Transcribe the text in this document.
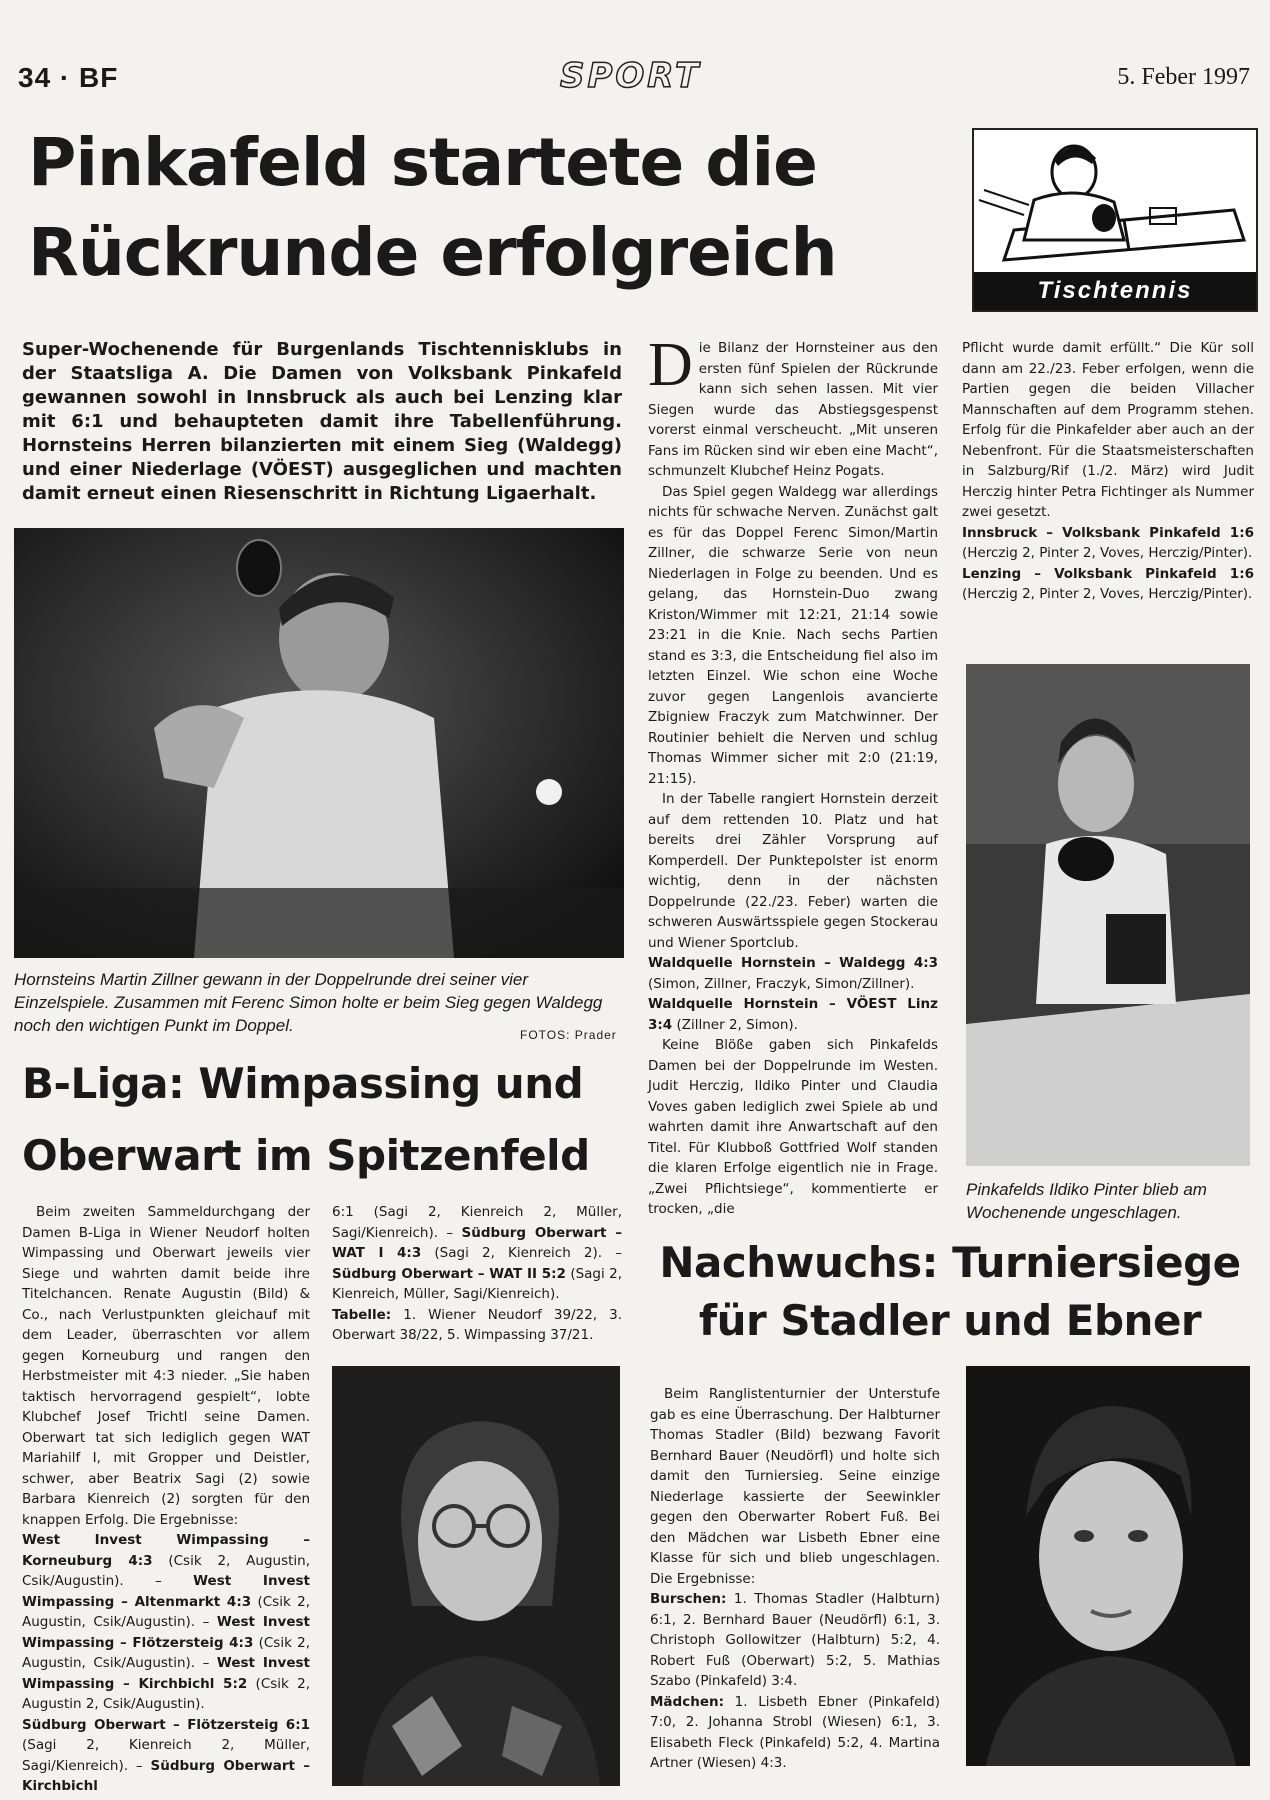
34 · BF	SPORT	5. Feber 1997
Pinkafeld startete die
Rückrunde erfolgreich	Tischtennis
Super-Wochenende für Burgenlands Tischtennisklubs in der Staatsliga A. Die Damen von Volksbank Pinkafeld gewannen sowohl in Innsbruck als auch bei Lenzing klar mit 6:1 und behaupteten damit ihre Tabellenführung. Hornsteins Herren bilanzierten mit einem Sieg (Waldegg) und einer Niederlage (VÖEST) ausgeglichen und machten damit erneut einen Riesenschritt in Richtung Ligaerhalt.
Hornsteins Martin Zillner gewann in der Doppelrunde drei seiner vier Einzelspiele. Zusammen mit Ferenc Simon holte er beim Sieg gegen Waldegg noch den wichtigen Punkt im Doppel.	FOTOS: Prader

Die Bilanz der Hornsteiner aus den ersten fünf Spielen der Rückrunde kann sich sehen lassen. Mit vier Siegen wurde das Abstiegsgespenst vorerst einmal verscheucht. „Mit unseren Fans im Rücken sind wir eben eine Macht“, schmunzelt Klubchef Heinz Pogats.

Das Spiel gegen Waldegg war allerdings nichts für schwache Nerven. Zunächst galt es für das Doppel Ferenc Simon/Martin Zillner, die schwarze Serie von neun Niederlagen in Folge zu beenden. Und es gelang, das Hornstein-Duo zwang Kriston/Wimmer mit 12:21, 21:14 sowie 23:21 in die Knie. Nach sechs Partien stand es 3:3, die Entscheidung fiel also im letzten Einzel. Wie schon eine Woche zuvor gegen Langenlois avancierte Zbigniew Fraczyk zum Matchwinner. Der Routinier behielt die Nerven und schlug Thomas Wimmer sicher mit 2:0 (21:19, 21:15).

In der Tabelle rangiert Hornstein derzeit auf dem rettenden 10. Platz und hat bereits drei Zähler Vorsprung auf Komperdell. Der Punktepolster ist enorm wichtig, denn in der nächsten Doppelrunde (22./23. Feber) warten die schweren Auswärtsspiele gegen Stockerau und Wiener Sportclub.

Waldquelle Hornstein – Waldegg 4:3 (Simon, Zillner, Fraczyk, Simon/Zillner).

Waldquelle Hornstein – VÖEST Linz 3:4 (Zillner 2, Simon).

Keine Blöße gaben sich Pinkafelds Damen bei der Doppelrunde im Westen. Judit Herczig, Ildiko Pinter und Claudia Voves gaben lediglich zwei Spiele ab und wahrten damit ihre Anwartschaft auf den Titel. Für Klubboß Gottfried Wolf standen die klaren Erfolge eigentlich nie in Frage. „Zwei Pflichtsiege“, kommentierte er trocken, „die

Pflicht wurde damit erfüllt.“ Die Kür soll dann am 22./23. Feber erfolgen, wenn die Partien gegen die beiden Villacher Mannschaften auf dem Programm stehen. Erfolg für die Pinkafelder aber auch an der Nebenfront. Für die Staatsmeisterschaften in Salzburg/Rif (1./2. März) wird Judit Herczig hinter Petra Fichtinger als Nummer zwei gesetzt.

Innsbruck – Volksbank Pinkafeld 1:6 (Herczig 2, Pinter 2, Voves, Herczig/Pinter).

Lenzing – Volksbank Pinkafeld 1:6 (Herczig 2, Pinter 2, Voves, Herczig/Pinter).

Pinkafelds Ildiko Pinter blieb am Wochenende ungeschlagen.
B-Liga: Wimpassing und
Oberwart im Spitzenfeld

Beim zweiten Sammeldurchgang der Damen B-Liga in Wiener Neudorf holten Wimpassing und Oberwart jeweils vier Siege und wahrten damit beide ihre Titelchancen. Renate Augustin (Bild) & Co., nach Verlustpunkten gleichauf mit dem Leader, überraschten vor allem gegen Korneuburg und rangen den Herbstmeister mit 4:3 nieder. „Sie haben taktisch hervorragend gespielt“, lobte Klubchef Josef Trichtl seine Damen. Oberwart tat sich lediglich gegen WAT Mariahilf I, mit Gropper und Deistler, schwer, aber Beatrix Sagi (2) sowie Barbara Kienreich (2) sorgten für den knappen Erfolg. Die Ergebnisse:

West Invest Wimpassing – Korneuburg 4:3 (Csik 2, Augustin, Csik/Augustin). – West Invest Wimpassing – Altenmarkt 4:3 (Csik 2, Augustin, Csik/Augustin). – West Invest Wimpassing – Flötzersteig 4:3 (Csik 2, Augustin, Csik/Augustin). – West Invest Wimpassing – Kirchbichl 5:2 (Csik 2, Augustin 2, Csik/Augustin).

Südburg Oberwart – Flötzersteig 6:1 (Sagi 2, Kienreich 2, Müller, Sagi/Kienreich). – Südburg Oberwart – Kirchbichl

6:1 (Sagi 2, Kienreich 2, Müller, Sagi/Kienreich). – Südburg Oberwart – WAT I 4:3 (Sagi 2, Kienreich 2). – Südburg Oberwart – WAT II 5:2 (Sagi 2, Kienreich, Müller, Sagi/Kienreich).

Tabelle: 1. Wiener Neudorf 39/22, 3. Oberwart 38/22, 5. Wimpassing 37/21.

Nachwuchs: Turniersiege
für Stadler und Ebner

Beim Ranglistenturnier der Unterstufe gab es eine Überraschung. Der Halbturner Thomas Stadler (Bild) bezwang Favorit Bernhard Bauer (Neudörfl) und holte sich damit den Turniersieg. Seine einzige Niederlage kassierte der Seewinkler gegen den Oberwarter Robert Fuß. Bei den Mädchen war Lisbeth Ebner eine Klasse für sich und blieb ungeschlagen. Die Ergebnisse:

Burschen: 1. Thomas Stadler (Halbturn) 6:1, 2. Bernhard Bauer (Neudörfl) 6:1, 3. Christoph Gollowitzer (Halbturn) 5:2, 4. Robert Fuß (Oberwart) 5:2, 5. Mathias Szabo (Pinkafeld) 3:4.

Mädchen: 1. Lisbeth Ebner (Pinkafeld) 7:0, 2. Johanna Strobl (Wiesen) 6:1, 3. Elisabeth Fleck (Pinkafeld) 5:2, 4. Martina Artner (Wiesen) 4:3.
